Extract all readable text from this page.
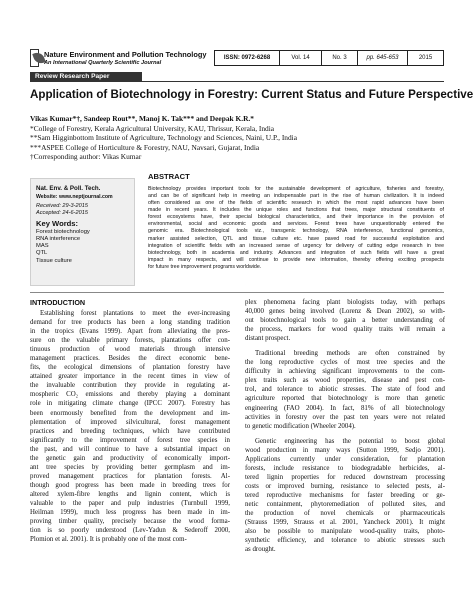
Nature Environment and Pollution Technology
An International Quarterly Scientific Journal
ISSN: 0972-6268	Vol. 14	No. 3	pp. 645-653	2015
Review Research Paper
Application of Biotechnology in Forestry: Current Status and Future Perspective
Vikas Kumar*†, Sandeep Rout**, Manoj K. Tak*** and Deepak K.R.*
*College of Forestry, Kerala Agricultural University, KAU, Thrissur, Kerala, India
**Sam Higginbottom Institute of Agriculture, Technology and Sciences, Naini, U.P., India
***ASPEE College of Horticulture & Forestry, NAU, Navsari, Gujarat, India
†Corresponding author: Vikas Kumar
Nat. Env. & Poll. Tech.
Website: www.neptjournal.com
Received: 29-3-2015
Accepted: 24-6-2015
Key Words:
Forest biotechnology
RNA interference
MAS
QTL
Tissue culture
ABSTRACT
Biotechnology provides important tools for the sustainable development of agriculture, fisheries and forestry,
and can be of significant help in meeting an indispensable part in the rise of human civilization. It is indeed
often considered as one of the fields of scientific research in which the most rapid advances have been
made in recent years. It includes the unique roles and functions that trees, major structural constituents of
forest ecosystems have, their special biological characteristics, and their importance in the provision of
environmental, social and economic goods and services. Forest trees have unquestionably entered the
genomic era. Biotechnological tools viz., transgenic technology, RNA interference, functional genomics,
marker assisted selection, QTL and tissue culture etc. have paved road for successful exploitation and
integration of scientific fields with an increased sense of urgency for delivery of cutting edge research in tree
biotechnology, both in academia and industry. Advances and integration of such fields will have a great
impact in many respects, and will continue to provide new information, thereby offering exciting prospects
for future tree improvement programs worldwide.
INTRODUCTION
Establishing forest plantations to meet the ever-increasing
demand for tree products has been a long standing tradition
in the tropics (Evans 1999). Apart from alleviating the pres-
sure on the valuable primary forests, plantations offer con-
tinuous production of wood materials through intensive
management practices. Besides the direct economic bene-
fits, the ecological dimensions of plantation forestry have
attained greater importance in the recent times in view of
the invaluable contribution they provide in regulating at-
mospheric CO₂ emissions and thereby playing a dominant
role in mitigating climate change (IPCC 2007). Forestry has
been enormously benefited from the development and im-
plementation of improved silvicultural, forest management
practices and breeding techniques, which have contributed
significantly to the improvement of forest tree species in
the past, and will continue to have a substantial impact on
the genetic gain and productivity of economically import-
ant tree species by providing better germplasm and im-
proved management practices for plantation forests. Al-
though good progress has been made in breeding trees for
altered xylem-fibre lengths and lignin content, which is
valuable to the paper and pulp industries (Turnbull 1999,
Heilman 1999), much less progress has been made in im-
proving timber quality, precisely because the wood forma-
tion is so poorly understood (Lev-Yadun & Sederoff 2000,
Plomion et al. 2001). It is probably one of the most com-
plex phenomena facing plant biologists today, with perhaps
40,000 genes being involved (Lorenz & Dean 2002), so with-
out biotechnological tools to gain a better understanding of
the process, markers for wood quality traits will remain a
distant prospect.
Traditional breeding methods are often constrained by
the long reproductive cycles of most tree species and the
difficulty in achieving significant improvements to the com-
plex traits such as wood properties, disease and pest con-
trol, and tolerance to abiotic stresses. The state of food and
agriculture reported that biotechnology is more than genetic
engineering (FAO 2004). In fact, 81% of all biotechnology
activities in forestry over the past ten years were not related
to genetic modification (Wheeler 2004).
Genetic engineering has the potential to boost global
wood production in many ways (Sutton 1999, Sedjo 2001).
Applications currently under consideration, for plantation
forests, include resistance to biodegradable herbicides, al-
tered lignin properties for reduced downstream processing
costs or improved burning, resistance to selected pests, al-
tered reproductive mechanisms for faster breeding or ge-
netic containment, phytoremediation of polluted sites, and
the production of novel chemicals or pharmaceuticals
(Strauss 1999, Strauss et al. 2001, Yancheck 2001). It might
also be possible to manipulate wood-quality traits, photo-
synthetic efficiency, and tolerance to abiotic stresses such
as drought.
